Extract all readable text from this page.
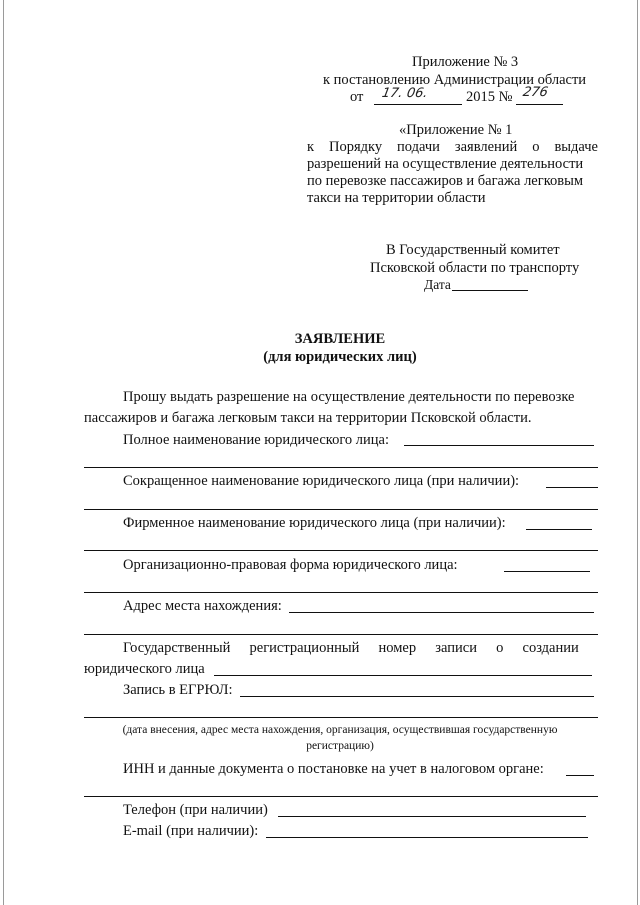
Приложение № 3
к постановлению Администрации области
от 17. 06.	2015 № 276
«Приложение № 1
к Порядку подачи заявлений о выдаче
разрешений на осуществление деятельности
по перевозке пассажиров и багажа легковым
такси на территории области
В Государственный комитет
Псковской области по транспорту
Дата
ЗАЯВЛЕНИЕ
(для юридических лиц)
Прошу выдать разрешение на осуществление деятельности по перевозке
пассажиров и багажа легковым такси на территории Псковской области.
Полное наименование юридического лица:
Сокращенное наименование юридического лица (при наличии):
Фирменное наименование юридического лица (при наличии):
Организационно-правовая форма юридического лица:
Адрес места нахождения:
Государственный регистрационный номер записи о создании
юридического лица
Запись в ЕГРЮЛ:
(дата внесения, адрес места нахождения, организация, осуществившая государственную
регистрацию)
ИНН и данные документа о постановке на учет в налоговом органе:
Телефон (при наличии)
E-mail (при наличии):
